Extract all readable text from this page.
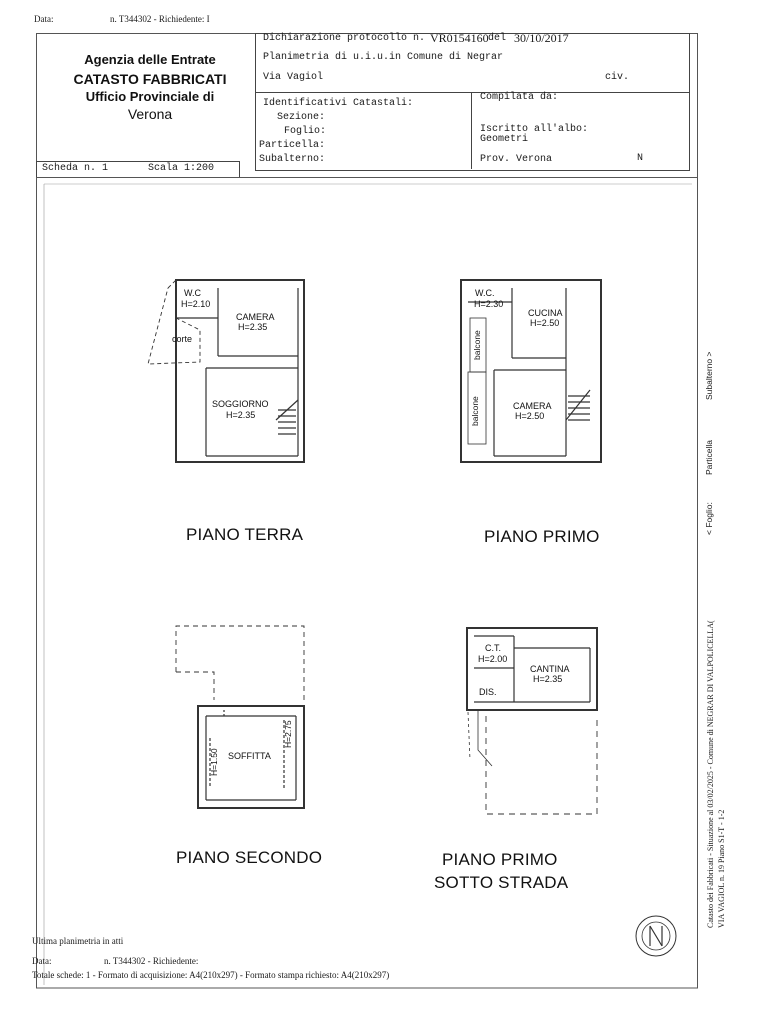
Data:	n. T344302 - Richiedente: I
Agenzia delle Entrate
CATASTO FABBRICATI
Ufficio Provinciale di
Verona
Dichiarazione protocollo n. VR0154160 del 30/10/2017
Planimetria di u.i.u.in Comune di Negrar
Via Vagiol	civ.
Identificativi Catastali:
Sezione:
Foglio:
Particella:
Subalterno:
Compilata da:
Iscritto all'albo:
Geometri
Prov. Verona	N
Scheda n. 1	Scala 1:200
W.C
H=2.10
CAMERA
H=2.35
corte
SOGGIORNO
H=2.35
W.C.
H=2.30
CUCINA
H=2.50
balcone
balcone	CAMERA
H=2.50
SOFFITTA
H=1.50
H=2.75
C.T.
H=2.00
CANTINA
H=2.35
DIS.
PIANO TERRA	PIANO PRIMO
PIANO SECONDO	PIANO PRIMO
SOTTO STRADA
Subalterno >
Particella
< Foglio:
Catasto dei Fabbricati - Situazione al 03/02/2025 - Comune di NEGRAR DI VALPOLICELLA( VIA VAGIOL n. 19 Piano S1-T - 1-2
Ultima planimetria in atti
Data:	n. T344302 - Richiedente:
Totale schede: 1 - Formato di acquisizione: A4(210x297) - Formato stampa richiesto: A4(210x297)
